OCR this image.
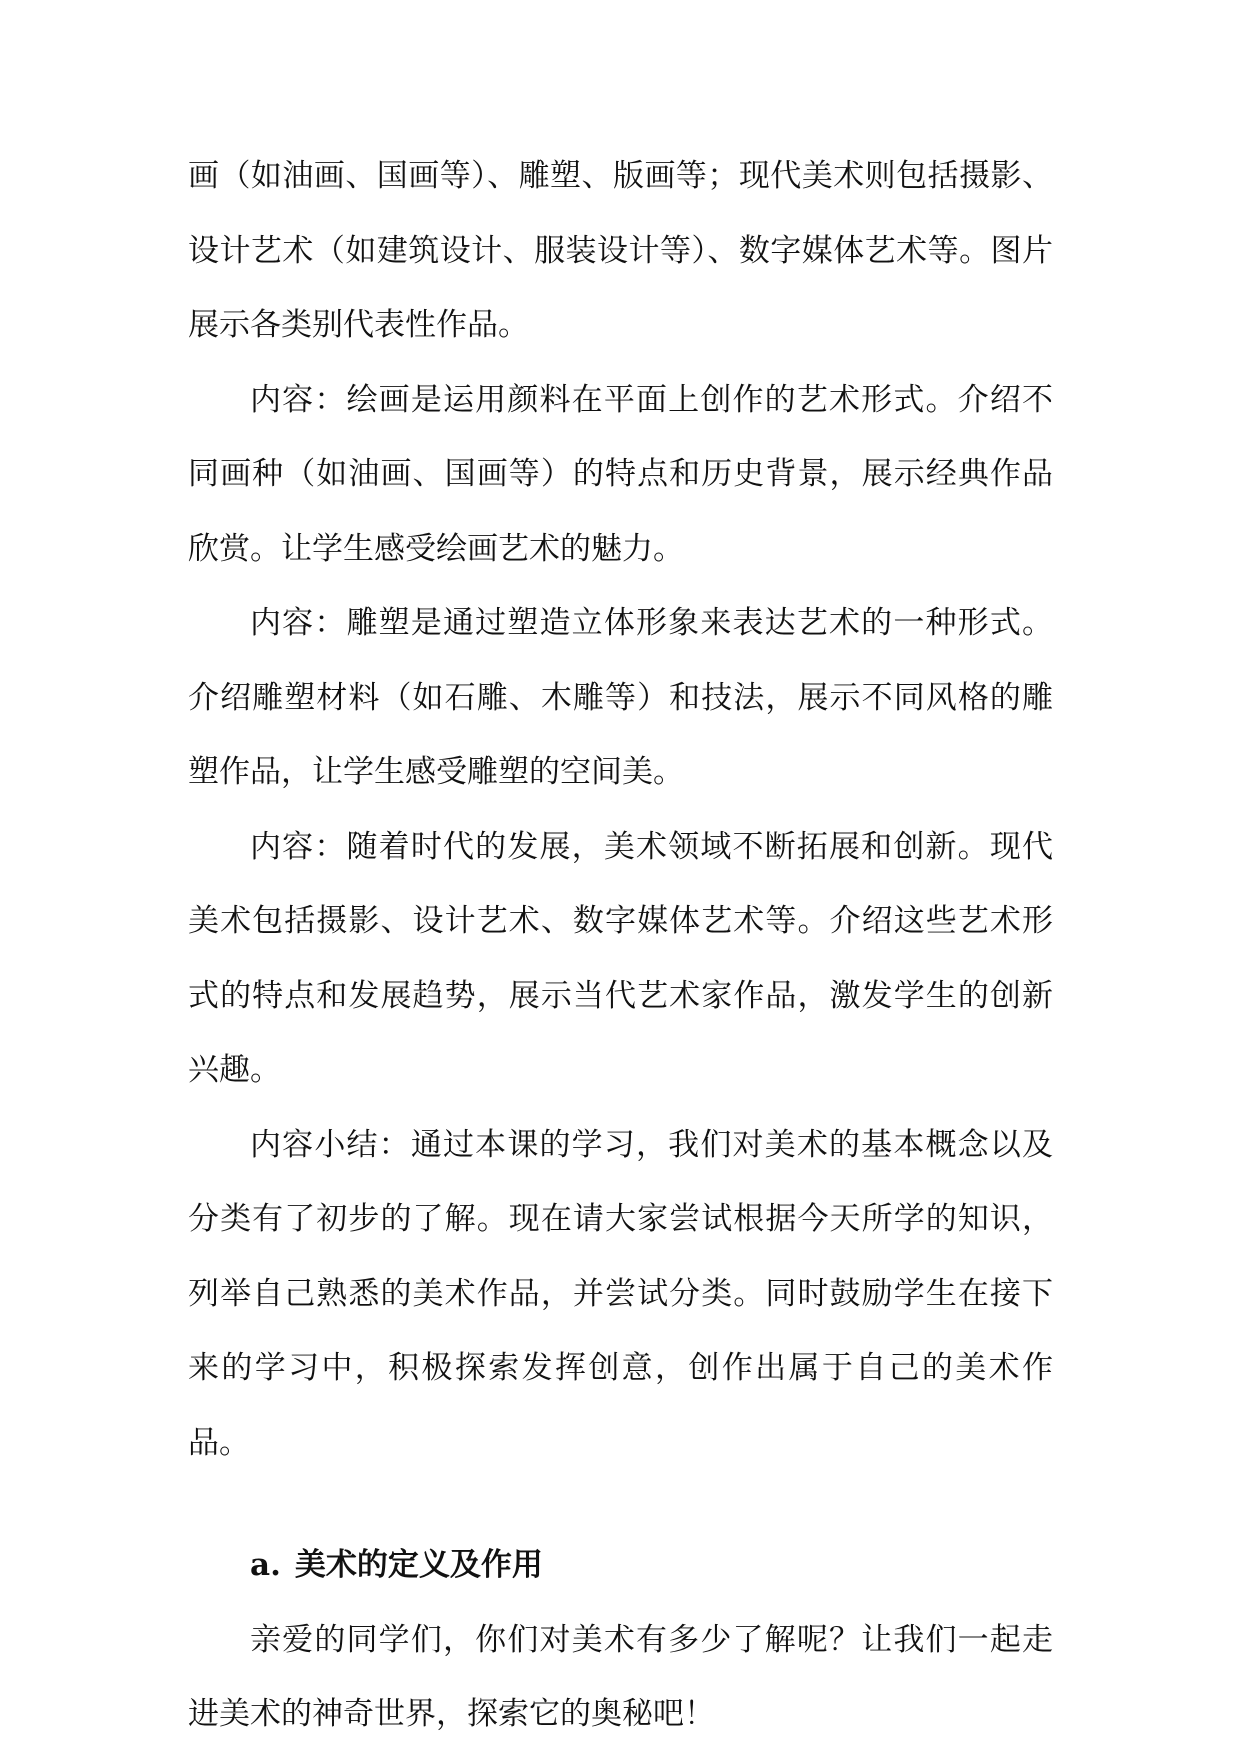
画（如油画、国画等）、雕塑、版画等；现代美术则包括摄影、设计艺术（如建筑设计、服装设计等）、数字媒体艺术等。图片展示各类别代表性作品。

内容：绘画是运用颜料在平面上创作的艺术形式。介绍不同画种（如油画、国画等）的特点和历史背景，展示经典作品欣赏。让学生感受绘画艺术的魅力。

内容：雕塑是通过塑造立体形象来表达艺术的一种形式。介绍雕塑材料（如石雕、木雕等）和技法，展示不同风格的雕塑作品，让学生感受雕塑的空间美。

内容：随着时代的发展，美术领域不断拓展和创新。现代美术包括摄影、设计艺术、数字媒体艺术等。介绍这些艺术形式的特点和发展趋势，展示当代艺术家作品，激发学生的创新兴趣。

内容小结：通过本课的学习，我们对美术的基本概念以及分类有了初步的了解。现在请大家尝试根据今天所学的知识，列举自己熟悉的美术作品，并尝试分类。同时鼓励学生在接下来的学习中，积极探索发挥创意，创作出属于自己的美术作品。

a. 美术的定义及作用

亲爱的同学们，你们对美术有多少了解呢？让我们一起走进美术的神奇世界，探索它的奥秘吧！
